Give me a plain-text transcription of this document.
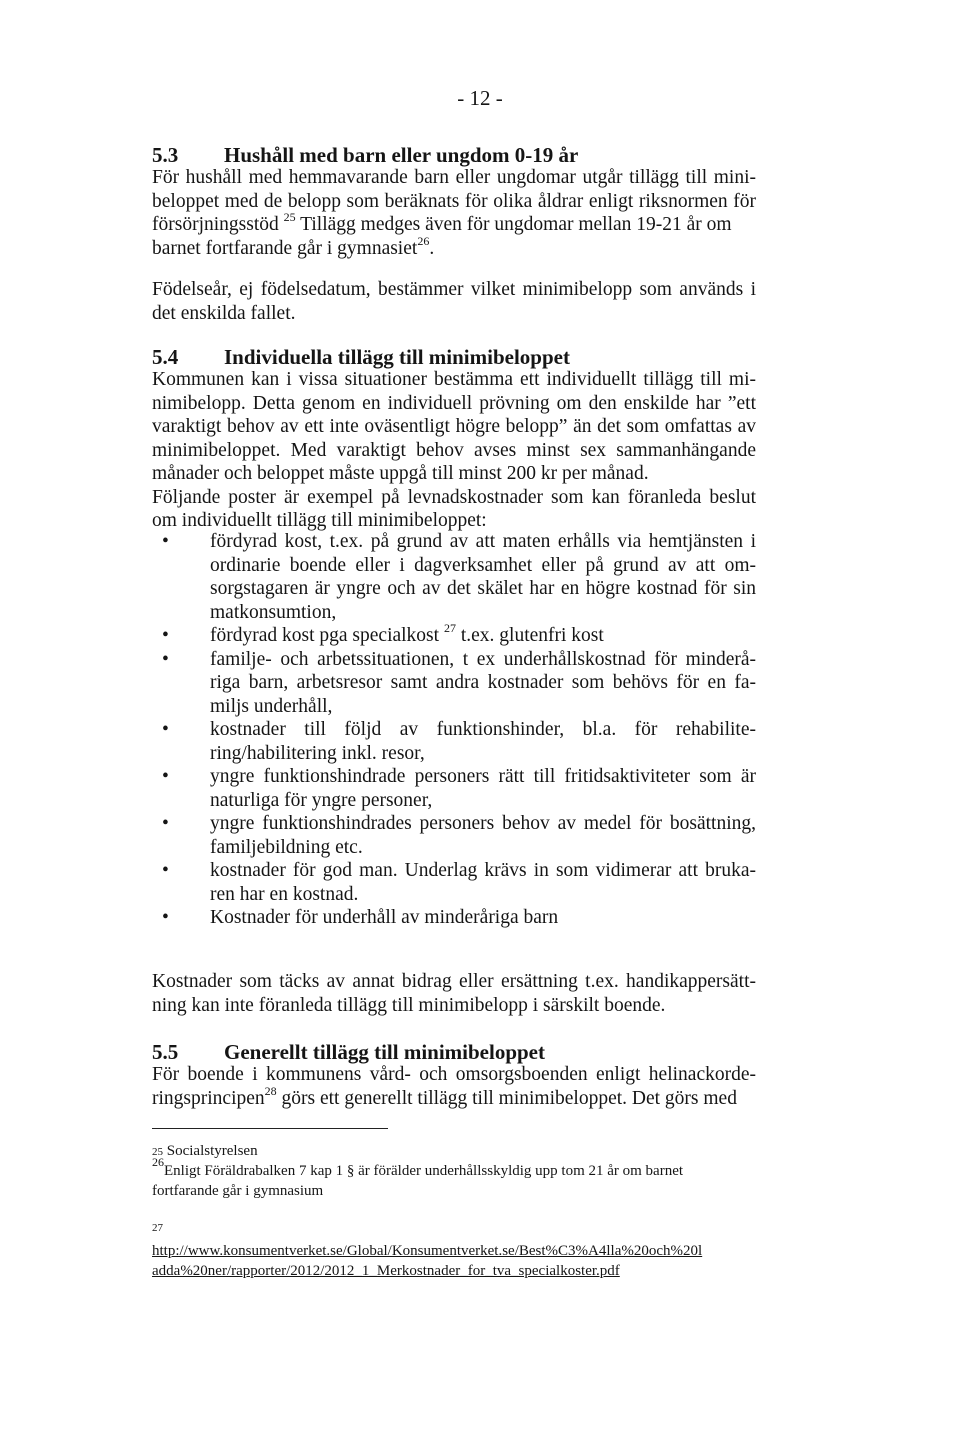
- 12 -
5.3 Hushåll med barn eller ungdom 0-19 år
För hushåll med hemmavarande barn eller ungdomar utgår tillägg till mini-
beloppet med de belopp som beräknats för olika åldrar enligt riksnormen för
försörjningsstöd $^{25}$ Tillägg medges även för ungdomar mellan 19-21 år om
barnet fortfarande går i gymnasiet$^{26}$.
Födelseår, ej födelsedatum, bestämmer vilket minimibelopp som används i
det enskilda fallet.
5.4 Individuella tillägg till minimibeloppet
Kommunen kan i vissa situationer bestämma ett individuellt tillägg till mi-
nimibelopp. Detta genom en individuell prövning om den enskilde har ”ett
varaktigt behov av ett inte oväsentligt högre belopp” än det som omfattas av
minimibeloppet. Med varaktigt behov avses minst sex sammanhängande
månader och beloppet måste uppgå till minst 200 kr per månad.
Följande poster är exempel på levnadskostnader som kan föranleda beslut
om individuellt tillägg till minimibeloppet:
• fördyrad kost, t.ex. på grund av att maten erhålls via hemtjänsten i
ordinarie boende eller i dagverksamhet eller på grund av att om-
sorgstagaren är yngre och av det skälet har en högre kostnad för sin
matkonsumtion,
• fördyrad kost pga specialkost $^{27}$ t.ex. glutenfri kost
• familje- och arbetssituationen, t ex underhållskostnad för minderå-
riga barn, arbetsresor samt andra kostnader som behövs för en fa-
miljs underhåll,
• kostnader till följd av funktionshinder, bl.a. för rehabilite-
ring/habilitering inkl. resor,
• yngre funktionshindrade personers rätt till fritidsaktiviteter som är
naturliga för yngre personer,
• yngre funktionshindrades personers behov av medel för bosättning,
familjebildning etc.
• kostnader för god man. Underlag krävs in som vidimerar att bruka-
ren har en kostnad.
• Kostnader för underhåll av minderåriga barn
Kostnader som täcks av annat bidrag eller ersättning t.ex. handikappersätt-
ning kan inte föranleda tillägg till minimibelopp i särskilt boende.
5.5 Generellt tillägg till minimibeloppet
För boende i kommunens vård- och omsorgsboenden enligt helinackorde-
ringsprincipen$^{28}$ görs ett generellt tillägg till minimibeloppet. Det görs med
25 Socialstyrelsen
$^{26}$Enligt Föräldrabalken 7 kap 1 § är förälder underhållsskyldig upp tom 21 år om barnet
fortfarande går i gymnasium
27
http://www.konsumentverket.se/Global/Konsumentverket.se/Best%C3%A4lla%20och%20l
adda%20ner/rapporter/2012/2012_1_Merkostnader_for_tva_specialkoster.pdf
